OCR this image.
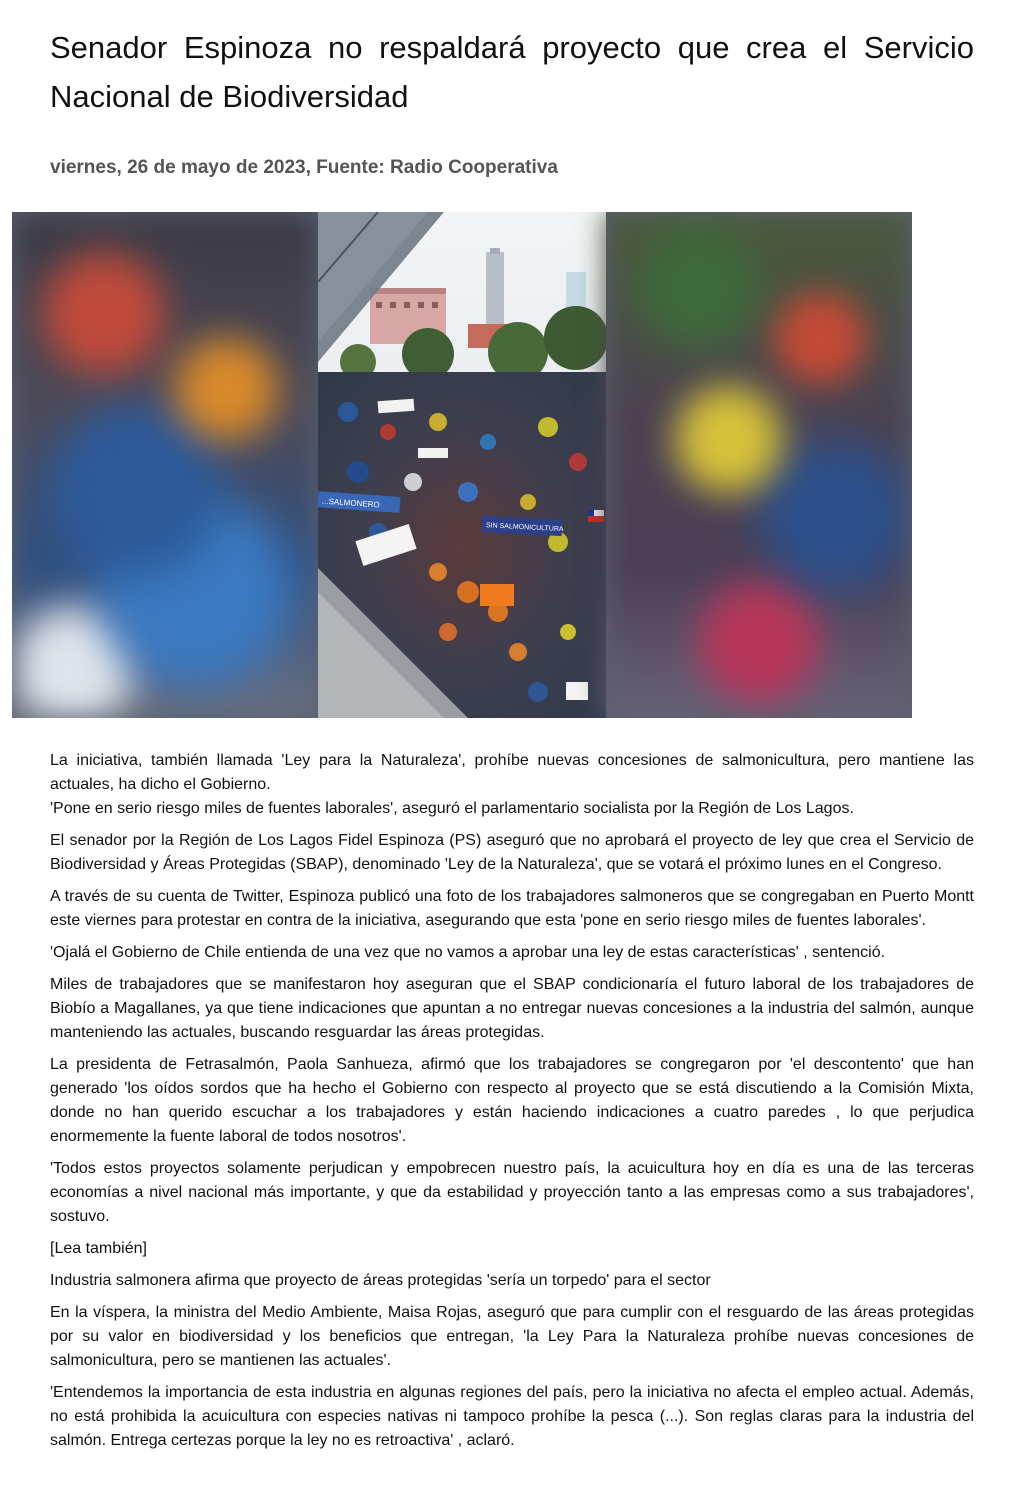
Senador Espinoza no respaldará proyecto que crea el Servicio Nacional de Biodiversidad
viernes, 26 de mayo de 2023, Fuente: Radio Cooperativa
...SALMONERO
SIN SALMONICULTURA

La iniciativa, también llamada 'Ley para la Naturaleza', prohíbe nuevas concesiones de salmonicultura, pero mantiene las actuales, ha dicho el Gobierno.

'Pone en serio riesgo miles de fuentes laborales', aseguró el parlamentario socialista por la Región de Los Lagos.

El senador por la Región de Los Lagos Fidel Espinoza (PS) aseguró que no aprobará el proyecto de ley que crea el Servicio de Biodiversidad y Áreas Protegidas (SBAP), denominado 'Ley de la Naturaleza', que se votará el próximo lunes en el Congreso.

A través de su cuenta de Twitter, Espinoza publicó una foto de los trabajadores salmoneros que se congregaban en Puerto Montt este viernes para protestar en contra de la iniciativa, asegurando que esta 'pone en serio riesgo miles de fuentes laborales'.

'Ojalá el Gobierno de Chile entienda de una vez que no vamos a aprobar una ley de estas características' , sentenció.

Miles de trabajadores que se manifestaron hoy aseguran que el SBAP condicionaría el futuro laboral de los trabajadores de Biobío a Magallanes, ya que tiene indicaciones que apuntan a no entregar nuevas concesiones a la industria del salmón, aunque manteniendo las actuales, buscando resguardar las áreas protegidas.

La presidenta de Fetrasalmón, Paola Sanhueza, afirmó que los trabajadores se congregaron por 'el descontento' que han generado 'los oídos sordos que ha hecho el Gobierno con respecto al proyecto que se está discutiendo a la Comisión Mixta, donde no han querido escuchar a los trabajadores y están haciendo indicaciones a cuatro paredes , lo que perjudica enormemente la fuente laboral de todos nosotros'.

'Todos estos proyectos solamente perjudican y empobrecen nuestro país, la acuicultura hoy en día es una de las terceras economías a nivel nacional más importante, y que da estabilidad y proyección tanto a las empresas como a sus trabajadores', sostuvo.

[Lea también]

Industria salmonera afirma que proyecto de áreas protegidas 'sería un torpedo' para el sector

En la víspera, la ministra del Medio Ambiente, Maisa Rojas, aseguró que para cumplir con el resguardo de las áreas protegidas por su valor en biodiversidad y los beneficios que entregan, 'la Ley Para la Naturaleza prohíbe nuevas concesiones de salmonicultura, pero se mantienen las actuales'.

'Entendemos la importancia de esta industria en algunas regiones del país, pero la iniciativa no afecta el empleo actual. Además, no está prohibida la acuicultura con especies nativas ni tampoco prohíbe la pesca (...). Son reglas claras para la industria del salmón. Entrega certezas porque la ley no es retroactiva' , aclaró.
